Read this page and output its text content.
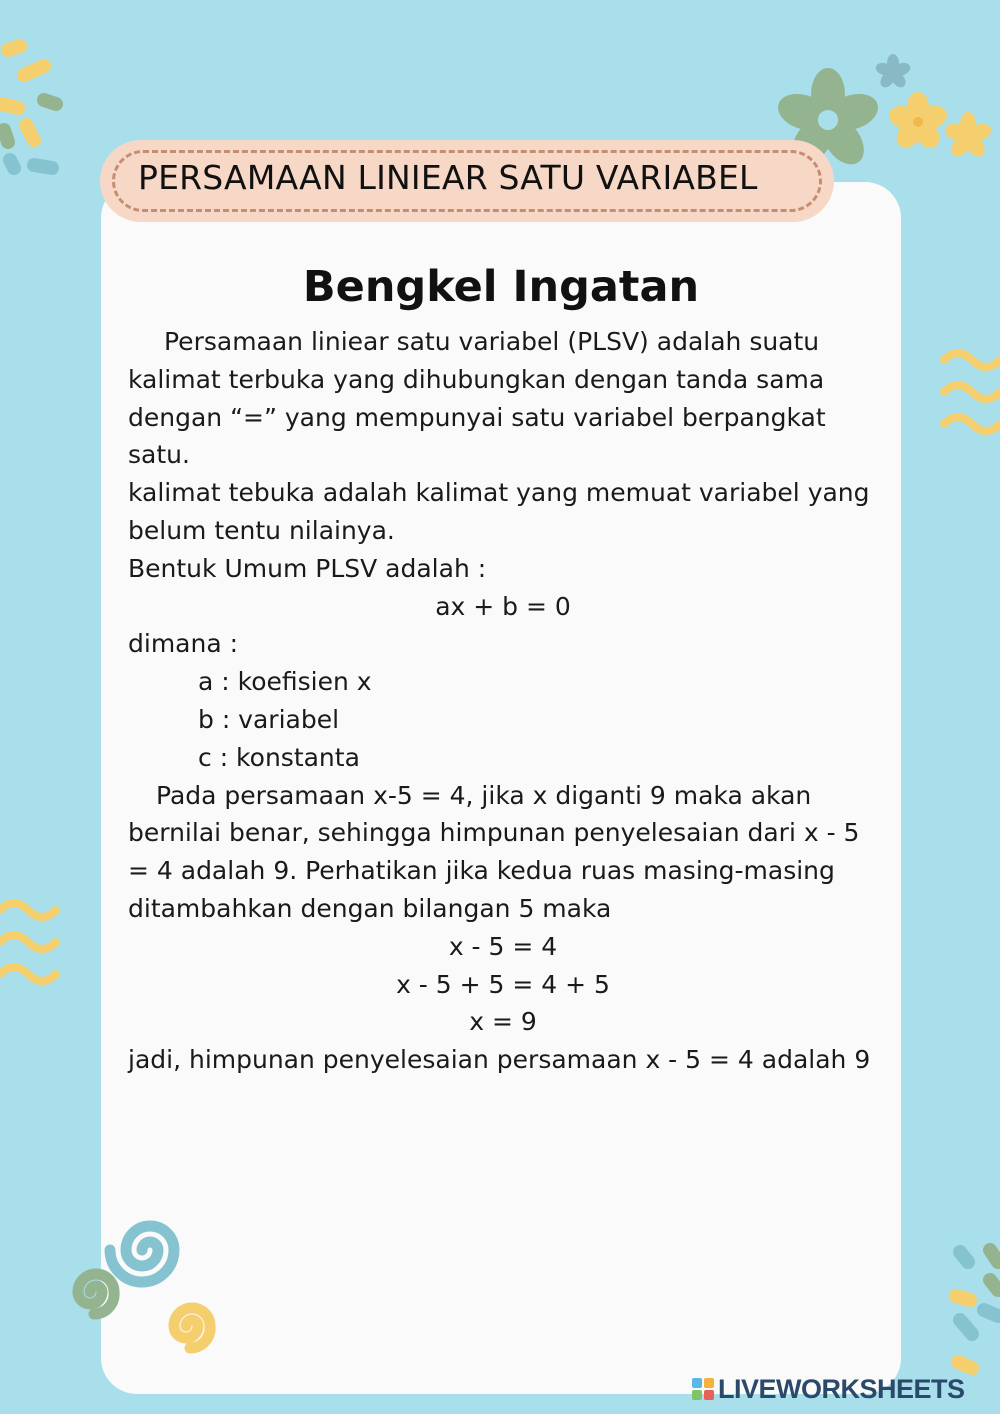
PERSAMAAN LINIEAR SATU VARIABEL
Bengkel Ingatan

Persamaan liniear satu variabel (PLSV) adalah suatu kalimat terbuka yang dihubungkan dengan tanda sama dengan “=” yang mempunyai satu variabel berpangkat satu.

kalimat tebuka adalah kalimat yang memuat variabel yang belum tentu nilainya.

Bentuk Umum PLSV adalah :

ax + b = 0

dimana :

a : koefisien x

b : variabel

c : konstanta

Pada persamaan x-5 = 4, jika x diganti 9 maka akan bernilai benar, sehingga himpunan penyelesaian dari x - 5 = 4 adalah 9. Perhatikan jika kedua ruas masing-masing ditambahkan dengan bilangan 5 maka

x - 5 = 4

x - 5 + 5 = 4 + 5

x = 9

jadi, himpunan penyelesaian persamaan x - 5 = 4 adalah 9

LIVEWORKSHEETS
